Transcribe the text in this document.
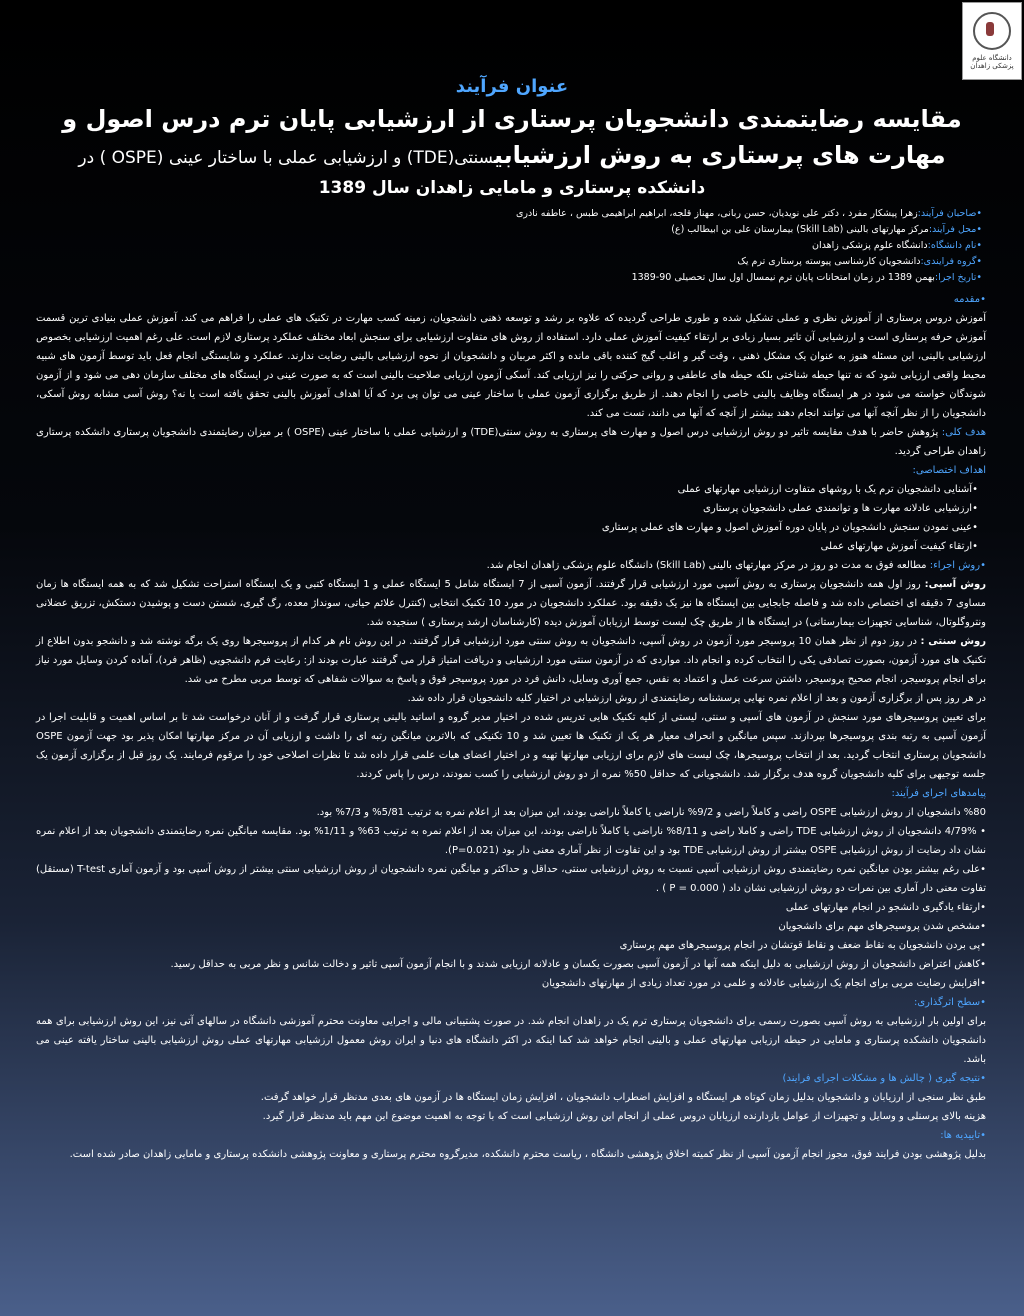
دانشگاه علوم پزشکی زاهدان
عنوان فرآیند
مقایسه رضایتمندی دانشجویان پرستاری از ارزشیابی پایان ترم درس اصول و
مهارت های پرستاری به روش ارزشیابیسنتی(TDE) و ارزشیابی عملی با ساختار عینی (OSPE ) در
دانشکده پرستاری و مامایی زاهدان سال 1389
•صاحبان فرآیند:زهرا پیشکار مفرد ، دکتر علی نویدیان، حسن ربانی، مهناز قلجه، ابراهیم ابراهیمی طبس ، عاطفه نادری
•محل فرآیند:مرکز مهارتهای بالینی (Skill Lab) بیمارستان علی بن ابیطالب (ع)
•نام دانشگاه:دانشگاه علوم پزشکی زاهدان
•گروه فرایندی:دانشجویان کارشناسی پیوسته پرستاری ترم یک
•تاریخ اجرا:بهمن 1389 در زمان امتحانات پایان ترم نیمسال اول سال تحصیلی 90-1389

•مقدمه

آموزش دروس پرستاری از آموزش نظری و عملی تشکیل شده و طوری طراحی گردیده که علاوه بر رشد و توسعه ذهنی دانشجویان، زمینه کسب مهارت در تکنیک های عملی را فراهم می کند. آموزش عملی بنیادی ترین قسمت آموزش حرفه پرستاری است و ارزشیابی آن تاثیر بسیار زیادی بر ارتقاء کیفیت آموزش عملی دارد. استفاده از روش های متفاوت ارزشیابی برای سنجش ابعاد مختلف عملکرد پرستاری لازم است. علی رغم اهمیت ارزشیابی بخصوص ارزشیابی بالینی، این مسئله هنوز به عنوان یک مشکل ذهنی ، وقت گیر و اغلب گیج کننده باقی مانده و اکثر مربیان و دانشجویان از نحوه ارزشیابی بالینی رضایت ندارند. عملکرد و شایستگی انجام فعل باید توسط آزمون های شبیه محیط واقعی ارزیابی شود که نه تنها حیطه شناختی بلکه حیطه های عاطفی و روانی حرکتی را نیز ارزیابی کند. آسکی آزمون ارزیابی صلاحیت بالینی است که به صورت عینی در ایستگاه های مختلف سازمان دهی می شود و از آزمون شوندگان خواسته می شود در هر ایستگاه وظایف بالینی خاصی را انجام دهند. از طریق برگزاری آزمون عملی با ساختار عینی می توان پی برد که آیا اهداف آموزش بالینی تحقق یافته است یا نه؟ روش آسی مشابه روش آسکی، دانشجویان را از نظر آنچه آنها می توانند انجام دهند بیشتر از آنچه که آنها می دانند، تست می کند.

هدف کلی: پژوهش حاضر با هدف مقایسه تاثیر دو روش ارزشیابی درس اصول و مهارت های پرستاری به روش سنتی(TDE) و ارزشیابی عملی با ساختار عینی (OSPE ) بر میزان رضایتمندی دانشجویان پرستاری دانشکده پرستاری زاهدان طراحی گردید.

اهداف اختصاصی:

•آشنایی دانشجویان ترم یک با روشهای متفاوت ارزشیابی مهارتهای عملی

•ارزشیابی عادلانه مهارت ها و توانمندی عملی دانشجویان پرستاری

•عینی نمودن سنجش دانشجویان در پایان دوره آموزش اصول و مهارت های عملی پرستاری

•ارتقاء کیفیت آموزش مهارتهای عملی

•روش اجراء: مطالعه فوق به مدت دو روز در مرکز مهارتهای بالینی (Skill Lab) دانشگاه علوم پزشکی زاهدان انجام شد.

روش آسپی: روز اول همه دانشجویان پرستاری به روش آسپی مورد ارزشیابی قرار گرفتند. آزمون آسپی از 7 ایستگاه شامل 5 ایستگاه عملی و 1 ایستگاه کتبی و یک ایستگاه استراحت تشکیل شد که به همه ایستگاه ها زمان مساوی 7 دقیقه ای اختصاص داده شد و فاصله جابجایی بین ایستگاه ها نیز یک دقیقه بود. عملکرد دانشجویان در مورد 10 تکنیک انتخابی (کنترل علائم حیاتی، سونداژ معده، رگ گیری، شستن دست و پوشیدن دستکش، تزریق عضلانی ونتروگلوتال، شناسایی تجهیزات بیمارستانی) در ایستگاه ها از طریق چک لیست توسط ارزیابان آموزش دیده (کارشناسان ارشد پرستاری ) سنجیده شد.

روش سنتی : در روز دوم از نظر همان 10 پروسیجر مورد آزمون در روش آسپی، دانشجویان به روش سنتی مورد ارزشیابی قرار گرفتند. در این روش نام هر کدام از پروسیجرها روی یک برگه نوشته شد و دانشجو بدون اطلاع از تکنیک های مورد آزمون، بصورت تصادفی یکی را انتخاب کرده و انجام داد. مواردی که در آزمون سنتی مورد ارزشیابی و دریافت امتیاز قرار می گرفتند عبارت بودند از: رعایت فرم دانشجویی (ظاهر فرد)، آماده کردن وسایل مورد نیاز برای انجام پروسیجر، انجام صحیح پروسیجر، داشتن سرعت عمل و اعتماد به نفس، جمع آوری وسایل، دانش فرد در مورد پروسیجر فوق و پاسخ به سوالات شفاهی که توسط مربی مطرح می شد.

در هر روز پس از برگزاری آزمون و بعد از اعلام نمره نهایی پرسشنامه رضایتمندی از روش ارزشیابی در اختیار کلیه دانشجویان قرار داده شد.

برای تعیین پروسیجرهای مورد سنجش در آزمون های آسپی و سنتی، لیستی از کلیه تکنیک هایی تدریس شده در اختیار مدیر گروه و اساتید بالینی پرستاری قرار گرفت و از آنان درخواست شد تا بر اساس اهمیت و قابلیت اجرا در آزمون آسپی به رتبه بندی پروسیجرها بپردازند. سپس میانگین و انحراف معیار هر یک از تکنیک ها تعیین شد و 10 تکنیکی که بالاترین میانگین رتبه ای را داشت و ارزیابی آن در مرکز مهارتها امکان پذیر بود جهت آزمون OSPE دانشجویان پرستاری انتخاب گردید. بعد از انتخاب پروسیجرها، چک لیست های لازم برای ارزیابی مهارتها تهیه و در اختیار اعضای هیات علمی قرار داده شد تا نظرات اصلاحی خود را مرقوم فرمایند. یک روز قبل از برگزاری آزمون یک جلسه توجیهی برای کلیه دانشجویان گروه هدف برگزار شد. دانشجویانی که حداقل 50% نمره از دو روش ارزشیابی را کسب نمودند، درس را پاس کردند.

پیامدهای اجرای فرآیند:

%80 دانشجویان از روش ارزشیابی OSPE راضی و کاملاً راضی و 9/2% ناراضی یا کاملاً ناراضی بودند، این میزان بعد از اعلام نمره به ترتیب 5/81% و 7/3% بود.

• 4/79% دانشجویان از روش ارزشیابی TDE راضی و کاملا راضی و 8/11% ناراضی یا کاملاً ناراضی بودند، این میزان بعد از اعلام نمره به ترتیب 63% و 1/11% بود. مقایسه میانگین نمره رضایتمندی دانشجویان بعد از اعلام نمره نشان داد رضایت از روش ارزشیابی OSPE بیشتر از روش ارزشیابی TDE بود و این تفاوت از نظر آماری معنی دار بود (P=0.021).

•علی رغم بیشتر بودن میانگین نمره رضایتمندی روش ارزشیابی آسپی نسبت به روش ارزشیابی سنتی، حداقل و حداکثر و میانگین نمره دانشجویان از روش ارزشیابی سنتی بیشتر از روش آسپی بود و آزمون آماری T-test (مستقل) تفاوت معنی دار آماری بین نمرات دو روش ارزشیابی نشان داد ( P = 0.000 ) .

•ارتقاء یادگیری دانشجو در انجام مهارتهای عملی

•مشخص شدن پروسیجرهای مهم برای دانشجویان

•پی بردن دانشجویان به نقاط ضعف و نقاط قوتشان در انجام پروسیجرهای مهم پرستاری

•کاهش اعتراض دانشجویان از روش ارزشیابی به دلیل اینکه همه آنها در آزمون آسپی بصورت یکسان و عادلانه ارزیابی شدند و با انجام آزمون آسپی تاثیر و دخالت شانس و نظر مربی به حداقل رسید.

•افزایش رضایت مربی برای انجام یک ارزشیابی عادلانه و علمی در مورد تعداد زیادی از مهارتهای دانشجویان

•سطح اثرگذاری:

برای اولین بار ارزشیابی به روش آسپی بصورت رسمی برای دانشجویان پرستاری ترم یک در زاهدان انجام شد. در صورت پشتیبانی مالی و اجرایی معاونت محترم آموزشی دانشگاه در سالهای آتی نیز، این روش ارزشیابی برای همه دانشجویان دانشکده پرستاری و مامایی در حیطه ارزیابی مهارتهای عملی و بالینی انجام خواهد شد کما اینکه در اکثر دانشگاه های دنیا و ایران روش معمول ارزشیابی مهارتهای عملی روش ارزشیابی بالینی ساختار یافته عینی می باشد.

•نتیجه گیری ( چالش ها و مشکلات اجرای فرایند)

طبق نظر سنجی از ارزیابان و دانشجویان بدلیل زمان کوتاه هر ایستگاه و افزایش اضطراب دانشجویان ، افزایش زمان ایستگاه ها در آزمون های بعدی مدنظر قرار خواهد گرفت.

هزینه بالای پرسنلی و وسایل و تجهیزات از عوامل بازدارنده ارزیابان دروس عملی از انجام این روش ارزشیابی است که با توجه به اهمیت موضوع این مهم باید مدنظر قرار گیرد.

•تاییدیه ها:

بدلیل پژوهشی بودن فرایند فوق، مجوز انجام آزمون آسپی از نظر کمیته اخلاق پژوهشی دانشگاه ، ریاست محترم دانشکده، مدیرگروه محترم پرستاری و معاونت پژوهشی دانشکده پرستاری و مامایی زاهدان صادر شده است.
